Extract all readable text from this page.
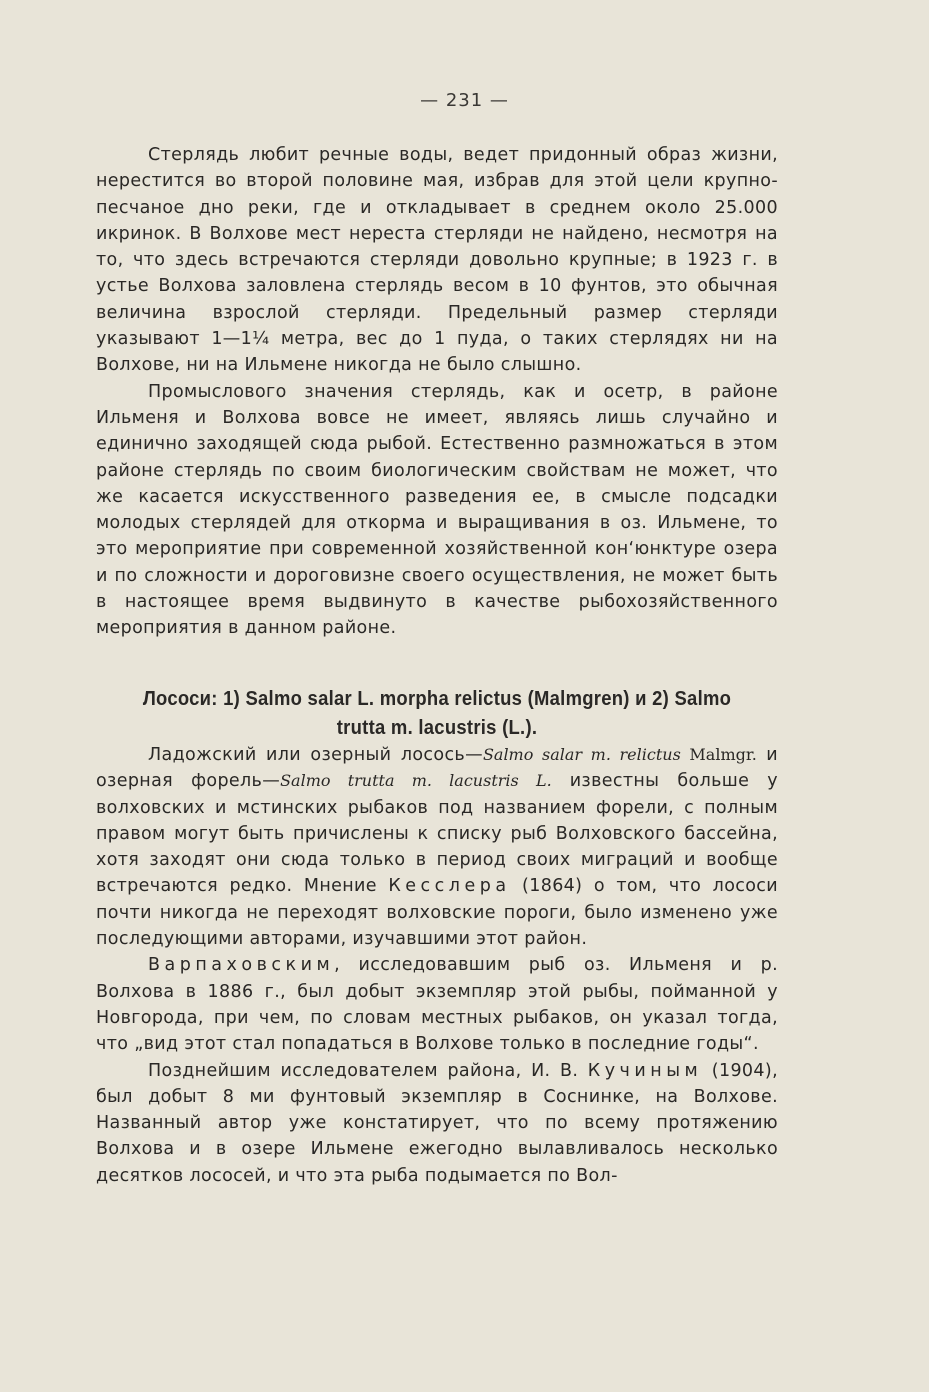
— 231 —

Стерлядь любит речные воды, ведет придонный образ жизни, нерестится во второй половине мая, избрав для этой цели крупно-песчаное дно реки, где и откладывает в среднем около 25.000 икринок. В Волхове мест нереста стерляди не найдено, несмотря на то, что здесь встречаются стерляди довольно крупные; в 1923 г. в устье Волхова заловлена стерлядь весом в 10 фунтов, это обычная величина взрослой стерляди. Предельный размер стерляди указывают 1—1¼ метра, вес до 1 пуда, о таких стерлядях ни на Волхове, ни на Ильмене никогда не было слышно.

Промыслового значения стерлядь, как и осетр, в районе Ильменя и Волхова вовсе не имеет, являясь лишь случайно и единично заходящей сюда рыбой. Естественно размножаться в этом районе стерлядь по своим биологическим свойствам не может, что же касается искусственного разведения ее, в смысле подсадки молодых стерлядей для откорма и выращивания в оз. Ильмене, то это мероприятие при современной хозяйственной кон‘юнктуре озера и по сложности и дороговизне своего осуществления, не может быть в настоящее время выдвинуто в качестве рыбохозяйственного мероприятия в данном районе.

Лососи: 1) Salmo salar L. morpha relictus (Malmgren) и 2) Salmo
trutta m. lacustris (L.).

Ладожский или озерный лосось—Salmo salar m. relictus Malmgr. и озерная форель—Salmo trutta m. lacustris L. известны больше у волховских и мстинских рыбаков под названием форели, с полным правом могут быть причислены к списку рыб Волховского бассейна, хотя заходят они сюда только в период своих миграций и вообще встречаются редко. Мнение Кесслера (1864) о том, что лососи почти никогда не переходят волховские пороги, было изменено уже последующими авторами, изучавшими этот район.

Варпаховским, исследовавшим рыб оз. Ильменя и р. Волхова в 1886 г., был добыт экземпляр этой рыбы, пойманной у Новгорода, при чем, по словам местных рыбаков, он указал тогда, что „вид этот стал попадаться в Волхове только в последние годы“.

Позднейшим исследователем района, И. В. Кучиным (1904), был добыт 8 ми фунтовый экземпляр в Соснинке, на Волхове. Названный автор уже констатирует, что по всему протяжению Волхова и в озере Ильмене ежегодно вылавливалось несколько десятков лососей, и что эта рыба подымается по Вол-
